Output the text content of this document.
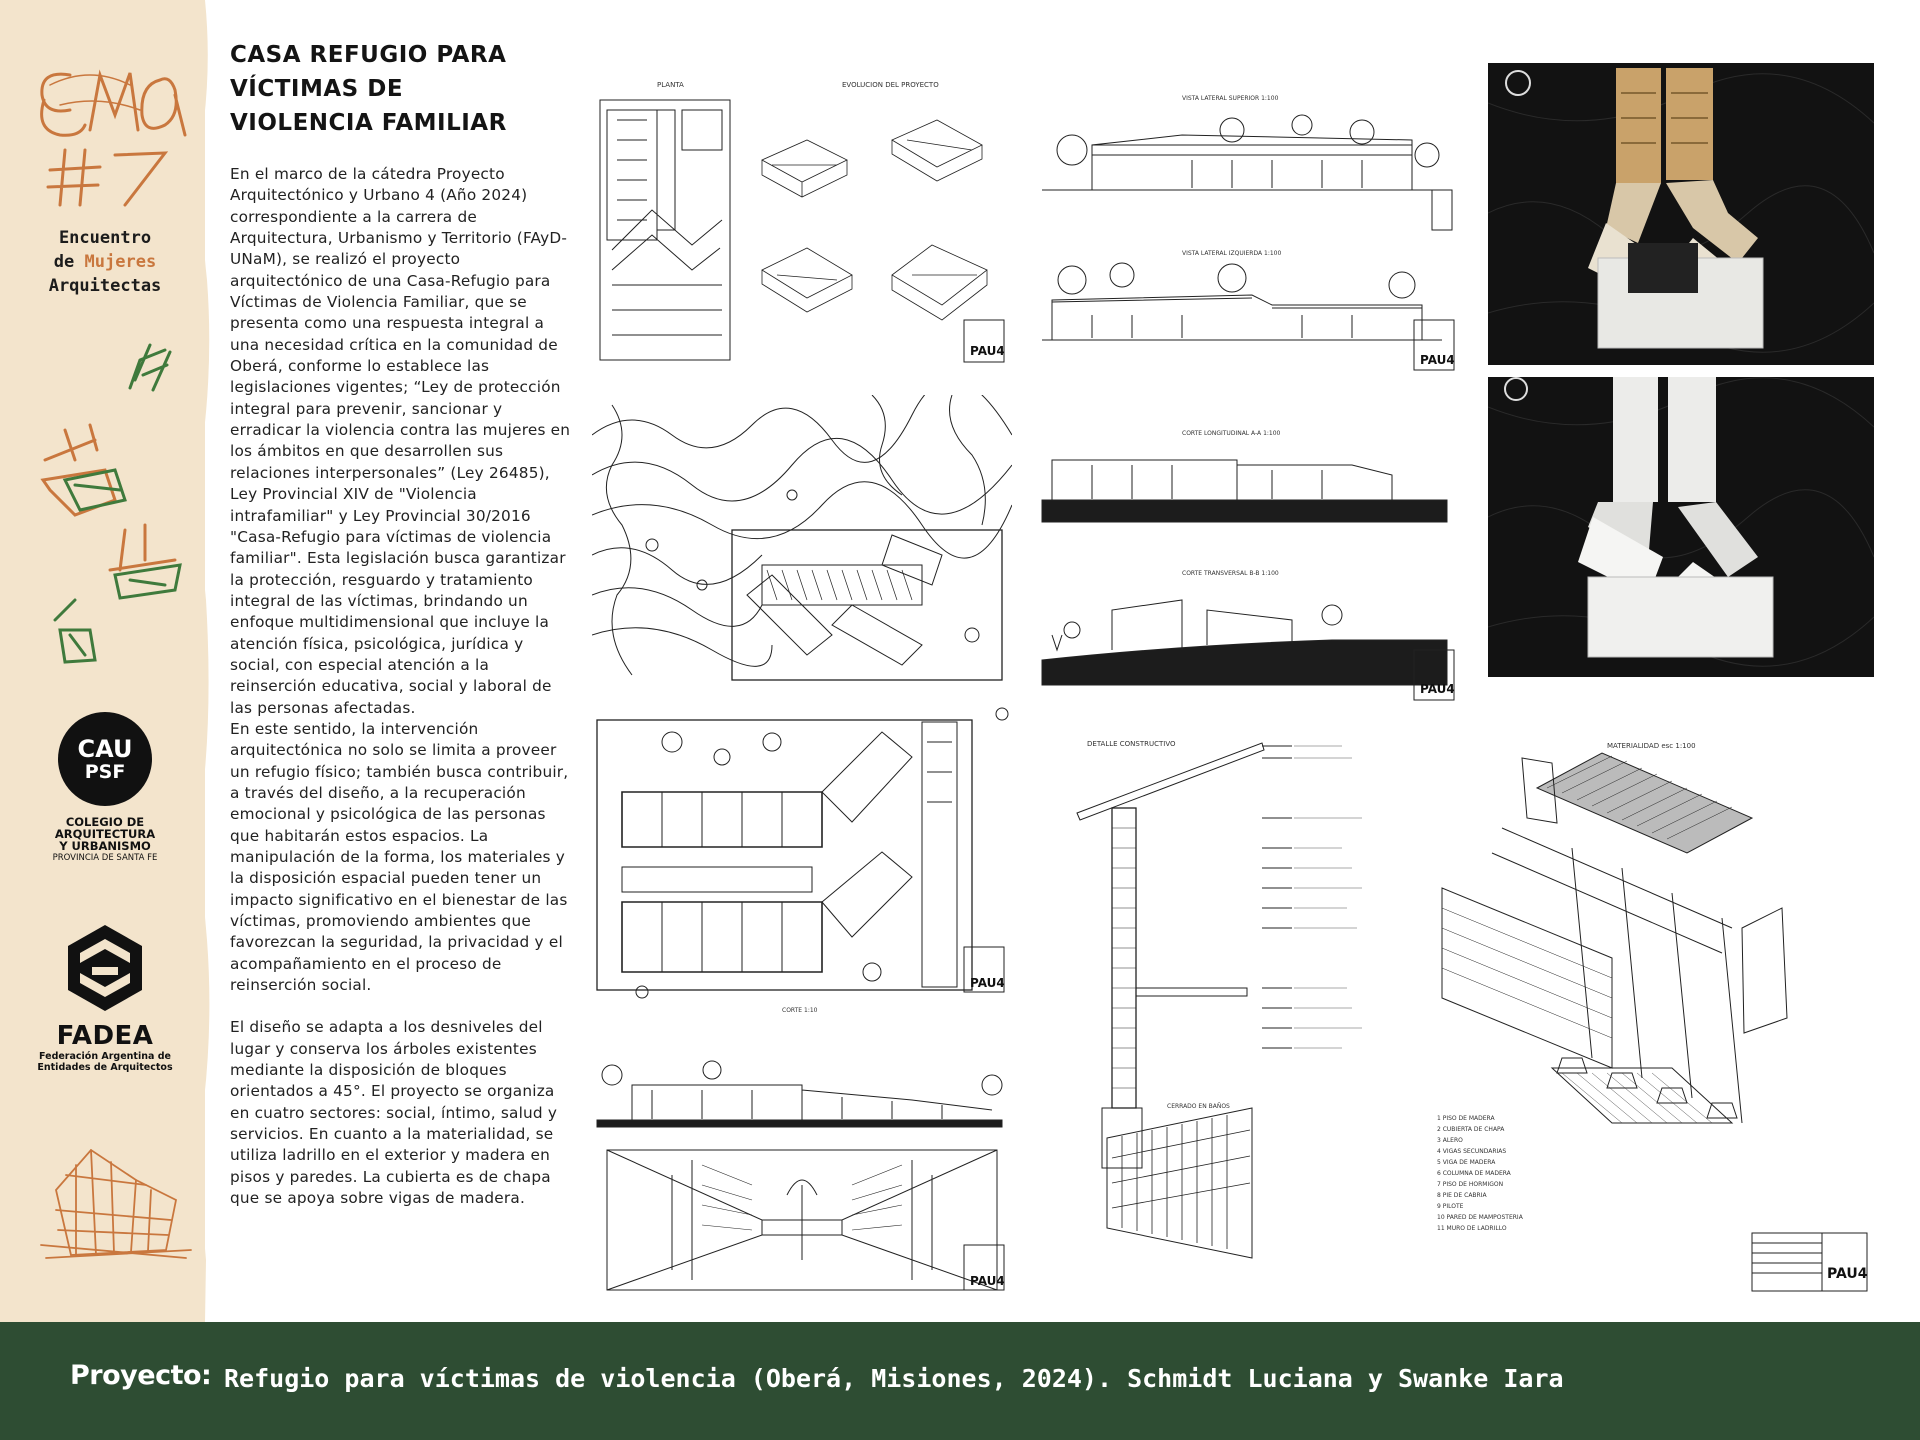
Encuentro
de Mujeres
Arquitectas
CAU
PSF
COLEGIO DE
ARQUITECTURA
Y URBANISMO
PROVINCIA DE SANTA FE
FADEA
Federación Argentina de
Entidades de Arquitectos
CASA REFUGIO PARA
VÍCTIMAS DE
VIOLENCIA FAMILIAR

En el marco de la cátedra Proyecto Arquitectónico y Urbano 4 (Año 2024) correspondiente a la carrera de Arquitectura, Urbanismo y Territorio (FAyD-UNaM), se realizó el proyecto arquitectónico de una Casa-Refugio para Víctimas de Violencia Familiar, que se presenta como una respuesta integral a una necesidad crítica en la comunidad de Oberá, conforme lo establece las legislaciones vigentes; “Ley de protección integral para prevenir, sancionar y erradicar la violencia contra las mujeres en los ámbitos en que desarrollen sus relaciones interpersonales” (Ley 26485), Ley Provincial XIV de "Violencia intrafamiliar" y Ley Provincial 30/2016 "Casa-Refugio para víctimas de violencia familiar". Esta legislación busca garantizar la protección, resguardo y tratamiento integral de las víctimas, brindando un enfoque multidimensional que incluye la atención física, psicológica, jurídica y social, con especial atención a la reinserción educativa, social y laboral de las personas afectadas.

En este sentido, la intervención arquitectónica no solo se limita a proveer un refugio físico; también busca contribuir, a través del diseño, a la recuperación emocional y psicológica de las personas que habitarán estos espacios. La manipulación de la forma, los materiales y la disposición espacial pueden tener un impacto significativo en el bienestar de las víctimas, promoviendo ambientes que favorezcan la seguridad, la privacidad y el acompañamiento en el proceso de reinserción social.

El diseño se adapta a los desniveles del lugar y conserva los árboles existentes mediante la disposición de bloques orientados a 45°. El proyecto se organiza en cuatro sectores: social, íntimo, salud y servicios. En cuanto a la materialidad, se utiliza ladrillo en el exterior y madera en pisos y paredes. La cubierta es de chapa que se apoya sobre vigas de madera.

PLANTA	EVOLUCION DEL PROYECTO
PAU4
VISTA LATERAL SUPERIOR 1:100
VISTA LATERAL IZQUIERDA 1:100
PAU4
CORTE LONGITUDINAL A-A 1:100
CORTE TRANSVERSAL B-B 1:100
PAU4
CORTE 1:10
PAU4
PAU4
DETALLE CONSTRUCTIVO	MATERIALIDAD esc 1:100
CERRADO EN BAÑOS
1 PISO DE MADERA
2 CUBIERTA DE CHAPA
3 ALERO
4 VIGAS SECUNDARIAS
5 VIGA DE MADERA
6 COLUMNA DE MADERA
7 PISO DE HORMIGON
8 PIE DE CABRIA
9 PILOTE
10 PARED DE MAMPOSTERIA
11 MURO DE LADRILLO
PAU4
Proyecto: Refugio para víctimas de violencia (Oberá, Misiones, 2024). Schmidt Luciana y Swanke Iara
